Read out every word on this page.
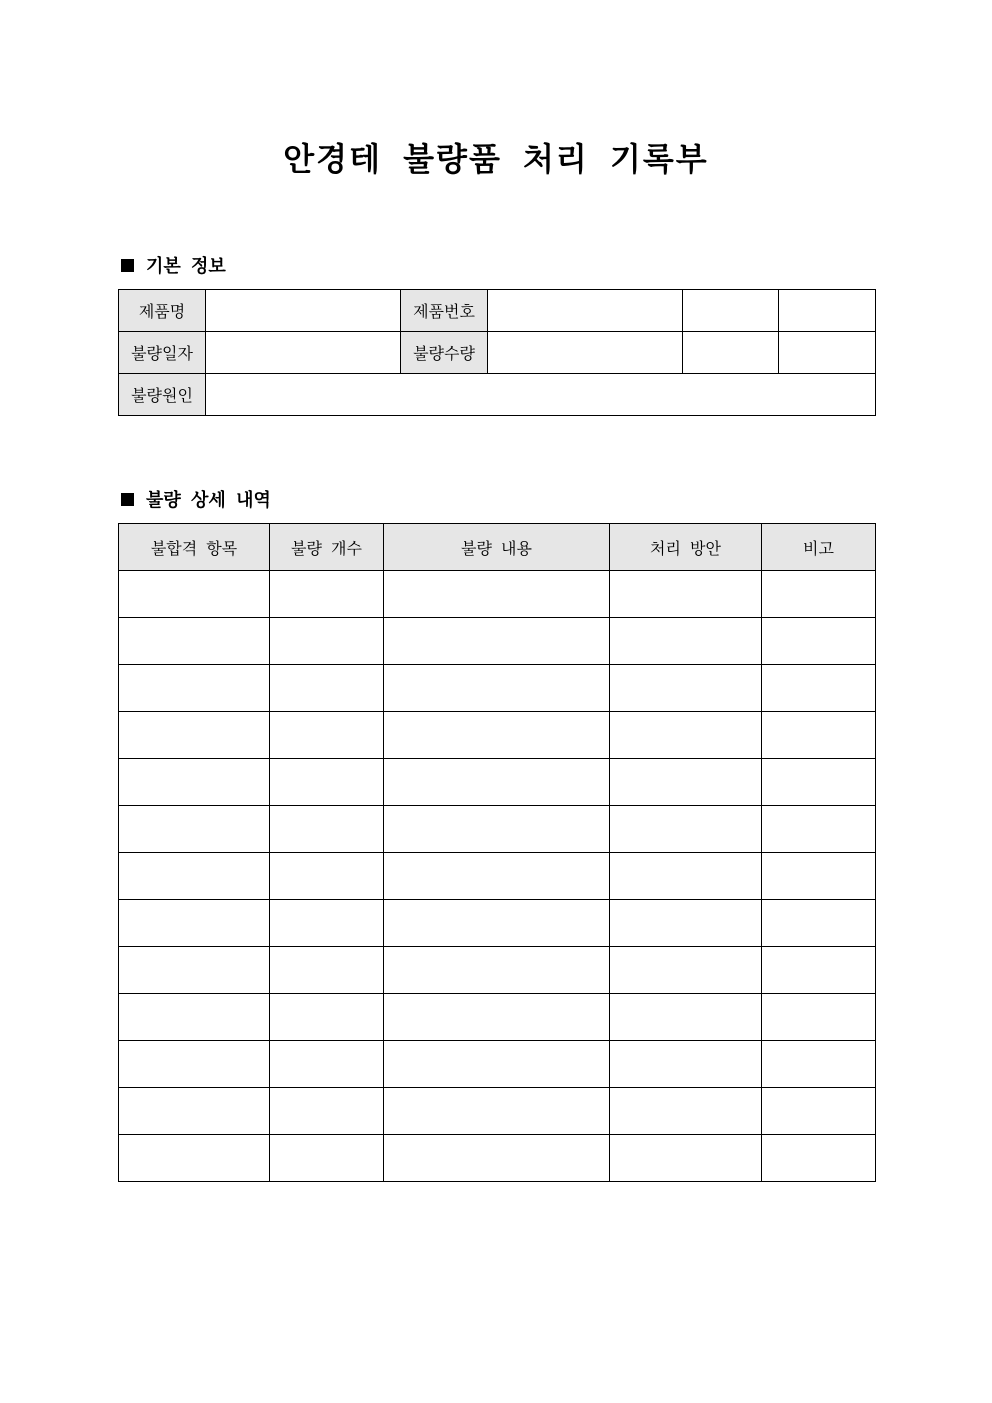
안경테 불량품 처리 기록부
기본 정보
제품명		제품번호			
불량일자		불량수량			
불량원인					
불량 상세 내역
불합격 항목	불량 개수	불량 내용	처리 방안	비고
